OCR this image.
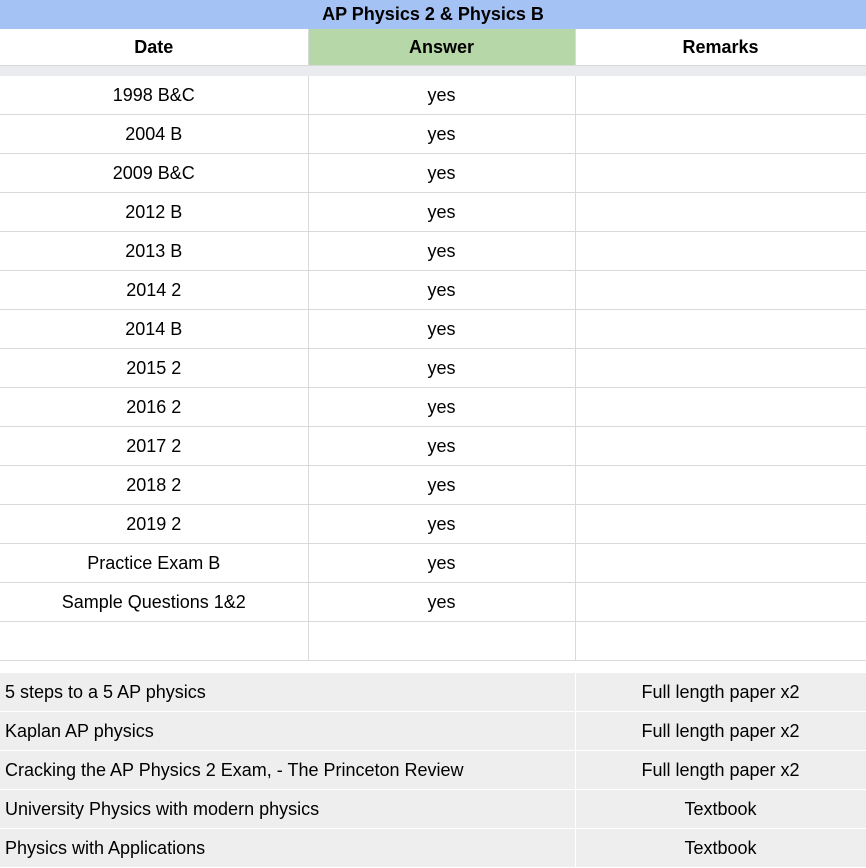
AP Physics 2 & Physics B		
Date	Answer	Remarks

1998 B&C	yes	
2004 B	yes	
2009 B&C	yes	
2012 B	yes	
2013 B	yes	
2014 2	yes	
2014 B	yes	
2015 2	yes	
2016 2	yes	
2017 2	yes	
2018 2	yes	
2019 2	yes	
Practice Exam B	yes	
Sample Questions 1&2	yes	

5 steps to a 5 AP physics		Full length paper x2
Kaplan AP physics		Full length paper x2
Cracking the AP Physics 2 Exam, - The Princeton Review		Full length paper x2
University Physics with modern physics		Textbook
Physics with Applications		Textbook
